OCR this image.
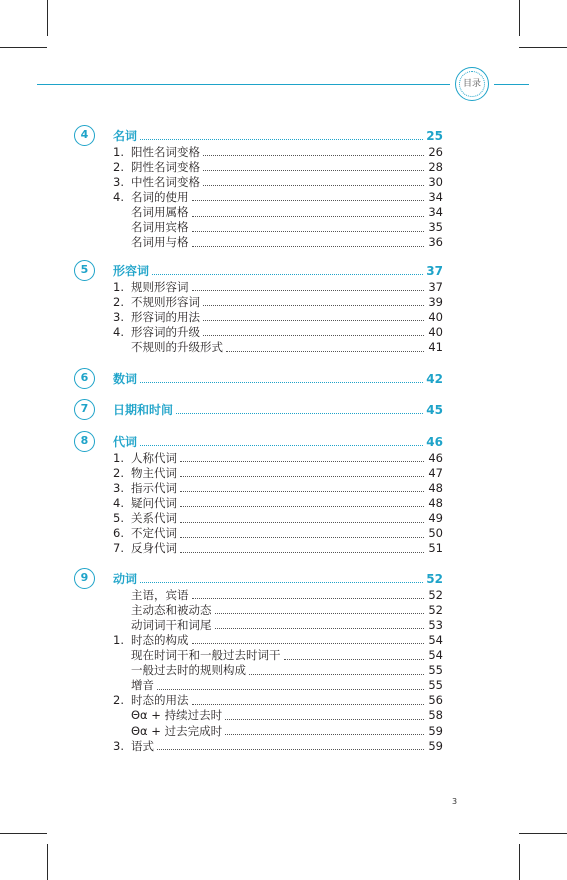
目录
4	名词	25
1. 阳性名词变格	26
2. 阴性名词变格	28
3. 中性名词变格	30
4. 名词的使用	34
名词用属格	34
名词用宾格	35
名词用与格	36
5	形容词	37
1. 规则形容词	37
2. 不规则形容词	39
3. 形容词的用法	40
4. 形容词的升级	40
不规则的升级形式	41
6	数词	42
7	日期和时间	45
8	代词	46
1. 人称代词	46
2. 物主代词	47
3. 指示代词	48
4. 疑问代词	48
5. 关系代词	49
6. 不定代词	50
7. 反身代词	51
9	动词	52
主语，宾语	52
主动态和被动态	52
动词词干和词尾	53
1. 时态的构成	54
现在时词干和一般过去时词干	54
一般过去时的规则构成	55
增音	55
2. 时态的用法	56
Θα + 持续过去时	58
Θα + 过去完成时	59
3. 语式	59
3
